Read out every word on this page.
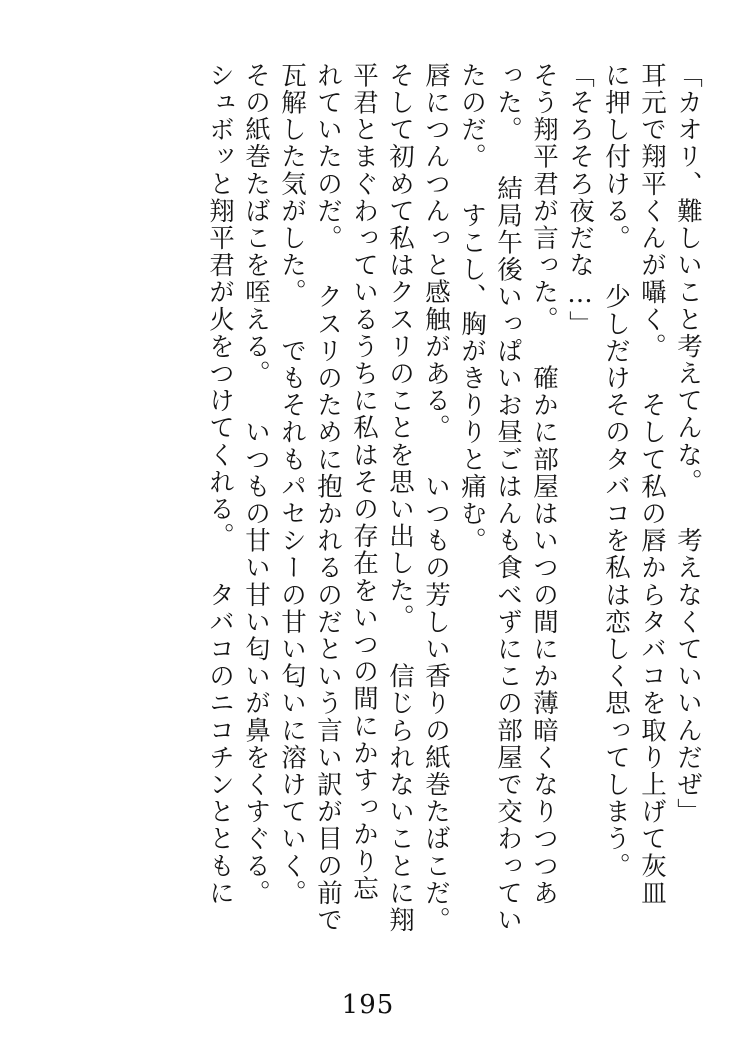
「カオリ、難しいこと考えてんな。 考えなくていいんだぜ」
耳元で翔平くんが囁く。 そして私の唇からタバコを取り上げて灰皿
に押し付ける。 少しだけそのタバコを私は恋しく思ってしまう。
「そろそろ夜だな…」
そう翔平君が言った。 確かに部屋はいつの間にか薄暗くなりつつあ
った。 結局午後いっぱいお昼ごはんも食べずにこの部屋で交わってい
たのだ。 すこし、胸がきりりと痛む。
唇につんつんっと感触がある。 いつもの芳しい香りの紙巻たばこだ。
そして初めて私はクスリのことを思い出した。 信じられないことに翔
平君とまぐわっているうちに私はその存在をいつの間にかすっかり忘
れていたのだ。 クスリのために抱かれるのだという言い訳が目の前で
瓦解した気がした。 でもそれもパセシーの甘い匂いに溶けていく。
その紙巻たばこを咥える。 いつもの甘い甘い匂いが鼻をくすぐる。
シュボッと翔平君が火をつけてくれる。 タバコのニコチンとともに
195
